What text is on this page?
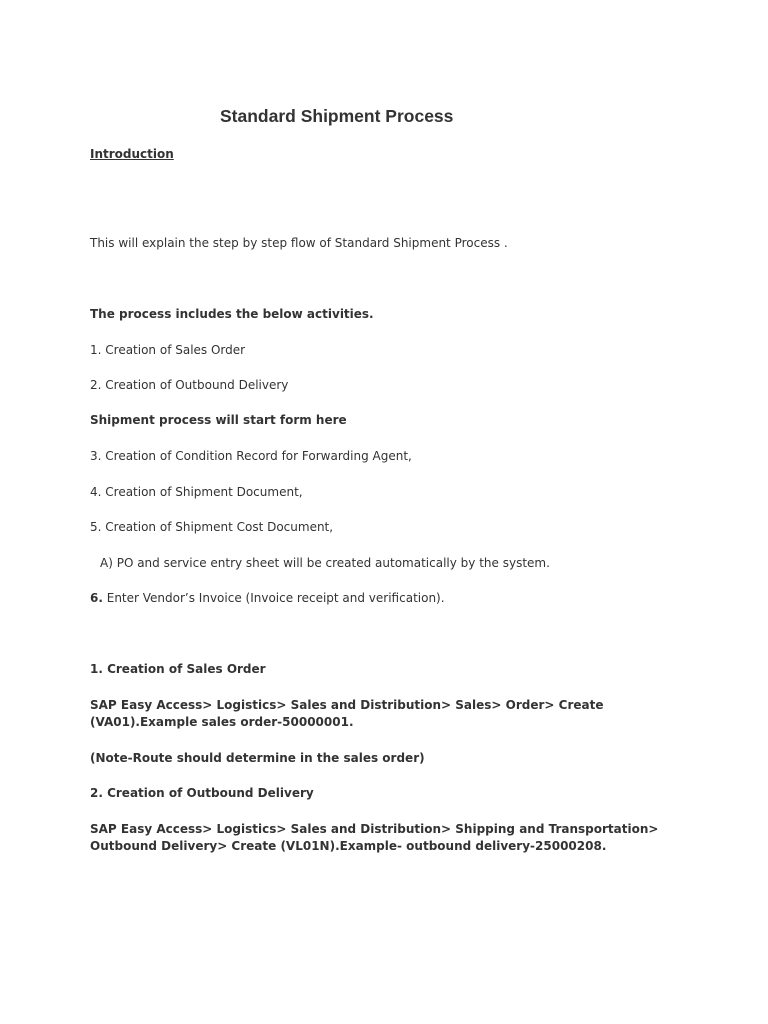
Standard Shipment Process
Introduction
This will explain the step by step flow of Standard Shipment Process .
The process includes the below activities.
1. Creation of Sales Order
2. Creation of Outbound Delivery
Shipment process will start form here
3. Creation of Condition Record for Forwarding Agent,
4. Creation of Shipment Document,
5. Creation of Shipment Cost Document,
A) PO and service entry sheet will be created automatically by the system.
6. Enter Vendor’s Invoice (Invoice receipt and verification).
1. Creation of Sales Order
SAP Easy Access> Logistics> Sales and Distribution> Sales> Order> Create
(VA01).Example sales order-50000001.
(Note-Route should determine in the sales order)
2. Creation of Outbound Delivery
SAP Easy Access> Logistics> Sales and Distribution> Shipping and Transportation>
Outbound Delivery> Create (VL01N).Example- outbound delivery-25000208.
